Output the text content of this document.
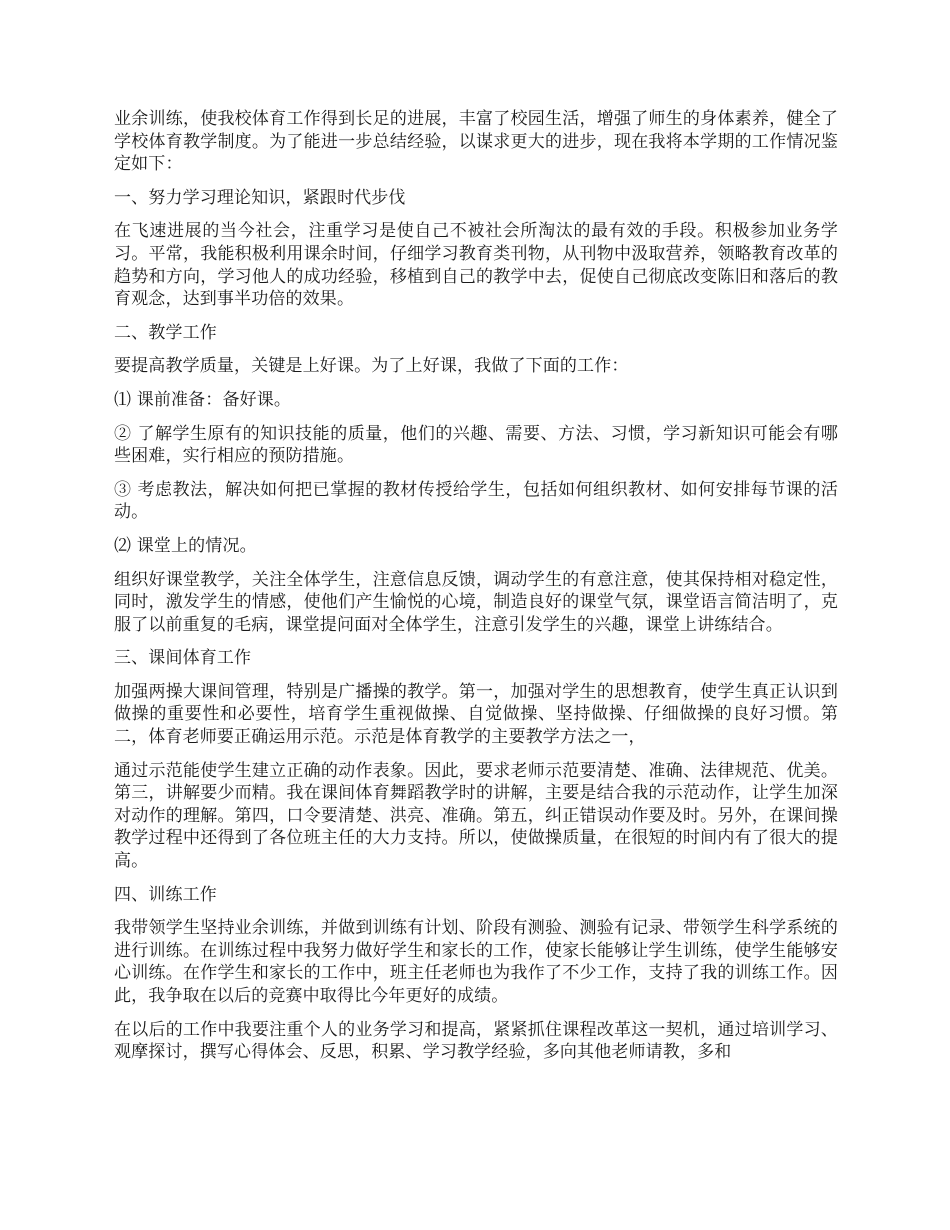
业余训练，使我校体育工作得到长足的进展，丰富了校园生活，增强了师生的身体素养，健全了学校体育教学制度。为了能进一步总结经验，以谋求更大的进步，现在我将本学期的工作情况鉴定如下：

一、努力学习理论知识，紧跟时代步伐

在飞速进展的当今社会，注重学习是使自己不被社会所淘汰的最有效的手段。积极参加业务学习。平常，我能积极利用课余时间，仔细学习教育类刊物，从刊物中汲取营养，领略教育改革的趋势和方向，学习他人的成功经验，移植到自己的教学中去，促使自己彻底改变陈旧和落后的教育观念，达到事半功倍的效果。

二、教学工作

要提高教学质量，关键是上好课。为了上好课，我做了下面的工作：

⑴ 课前准备：备好课。

② 了解学生原有的知识技能的质量，他们的兴趣、需要、方法、习惯，学习新知识可能会有哪些困难，实行相应的预防措施。

③ 考虑教法，解决如何把已掌握的教材传授给学生，包括如何组织教材、如何安排每节课的活动。

⑵ 课堂上的情况。

组织好课堂教学，关注全体学生，注意信息反馈，调动学生的有意注意，使其保持相对稳定性，同时，激发学生的情感，使他们产生愉悦的心境，制造良好的课堂气氛，课堂语言简洁明了，克服了以前重复的毛病，课堂提问面对全体学生，注意引发学生的兴趣，课堂上讲练结合。

三、课间体育工作

加强两操大课间管理，特别是广播操的教学。第一，加强对学生的思想教育，使学生真正认识到做操的重要性和必要性，培育学生重视做操、自觉做操、坚持做操、仔细做操的良好习惯。第二，体育老师要正确运用示范。示范是体育教学的主要教学方法之一，

通过示范能使学生建立正确的动作表象。因此，要求老师示范要清楚、准确、法律规范、优美。第三，讲解要少而精。我在课间体育舞蹈教学时的讲解，主要是结合我的示范动作，让学生加深对动作的理解。第四，口令要清楚、洪亮、准确。第五，纠正错误动作要及时。另外，在课间操教学过程中还得到了各位班主任的大力支持。所以，使做操质量，在很短的时间内有了很大的提高。

四、训练工作

我带领学生坚持业余训练，并做到训练有计划、阶段有测验、测验有记录、带领学生科学系统的进行训练。在训练过程中我努力做好学生和家长的工作，使家长能够让学生训练，使学生能够安心训练。在作学生和家长的工作中，班主任老师也为我作了不少工作，支持了我的训练工作。因此，我争取在以后的竞赛中取得比今年更好的成绩。

在以后的工作中我要注重个人的业务学习和提高，紧紧抓住课程改革这一契机，通过培训学习、观摩探讨，撰写心得体会、反思，积累、学习教学经验，多向其他老师请教，多和
